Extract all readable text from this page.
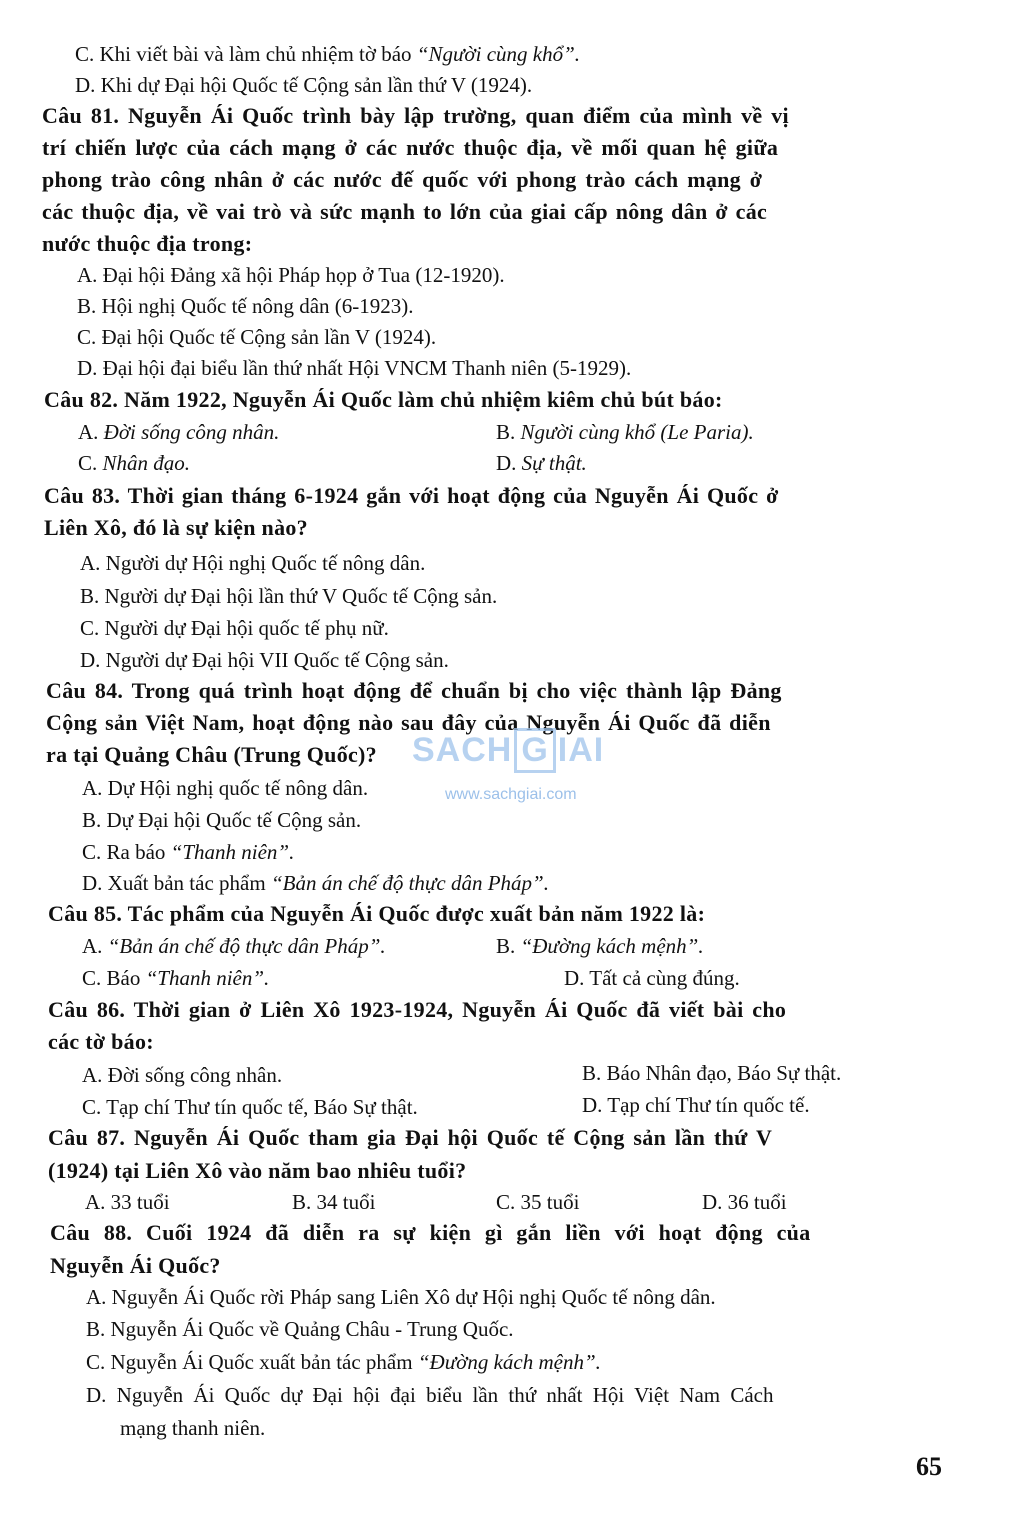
C. Khi viết bài và làm chủ nhiệm tờ báo “Người cùng khổ”.

D. Khi dự Đại hội Quốc tế Cộng sản lần thứ V (1924).

Câu 81. Nguyễn Ái Quốc trình bày lập trường, quan điểm của mình về vị

trí chiến lược của cách mạng ở các nước thuộc địa, về mối quan hệ giữa

phong trào công nhân ở các nước đế quốc với phong trào cách mạng ở

các thuộc địa, về vai trò và sức mạnh to lớn của giai cấp nông dân ở các

nước thuộc địa trong:

A. Đại hội Đảng xã hội Pháp họp ở Tua (12-1920).

B. Hội nghị Quốc tế nông dân (6-1923).

C. Đại hội Quốc tế Cộng sản lần V (1924).

D. Đại hội đại biểu lần thứ nhất Hội VNCM Thanh niên (5-1929).

Câu 82. Năm 1922, Nguyễn Ái Quốc làm chủ nhiệm kiêm chủ bút báo:

A. Đời sống công nhân.	B. Người cùng khổ (Le Paria).

C. Nhân đạo.	D. Sự thật.

Câu 83. Thời gian tháng 6-1924 gắn với hoạt động của Nguyễn Ái Quốc ở

Liên Xô, đó là sự kiện nào?

A. Người dự Hội nghị Quốc tế nông dân.

B. Người dự Đại hội lần thứ V Quốc tế Cộng sản.

C. Người dự Đại hội quốc tế phụ nữ.

D. Người dự Đại hội VII Quốc tế Cộng sản.

Câu 84. Trong quá trình hoạt động để chuẩn bị cho việc thành lập Đảng

Cộng sản Việt Nam, hoạt động nào sau đây của Nguyễn Ái Quốc đã diễn

ra tại Quảng Châu (Trung Quốc)?

A. Dự Hội nghị quốc tế nông dân.

B. Dự Đại hội Quốc tế Cộng sản.

C. Ra báo “Thanh niên”.

D. Xuất bản tác phẩm “Bản án chế độ thực dân Pháp”.

Câu 85. Tác phẩm của Nguyễn Ái Quốc được xuất bản năm 1922 là:

A. “Bản án chế độ thực dân Pháp”.	B. “Đường kách mệnh”.

C. Báo “Thanh niên”.	D. Tất cả cùng đúng.

Câu 86. Thời gian ở Liên Xô 1923-1924, Nguyễn Ái Quốc đã viết bài cho

các tờ báo:

A. Đời sống công nhân.	B. Báo Nhân đạo, Báo Sự thật.

C. Tạp chí Thư tín quốc tế, Báo Sự thật.	D. Tạp chí Thư tín quốc tế.

Câu 87. Nguyễn Ái Quốc tham gia Đại hội Quốc tế Cộng sản lần thứ V

(1924) tại Liên Xô vào năm bao nhiêu tuổi?

A. 33 tuổi	B. 34 tuổi	C. 35 tuổi	D. 36 tuổi

Câu 88. Cuối 1924 đã diễn ra sự kiện gì gắn liền với hoạt động của

Nguyễn Ái Quốc?

A. Nguyễn Ái Quốc rời Pháp sang Liên Xô dự Hội nghị Quốc tế nông dân.

B. Nguyễn Ái Quốc về Quảng Châu - Trung Quốc.

C. Nguyễn Ái Quốc xuất bản tác phẩm “Đường kách mệnh”.

D. Nguyễn Ái Quốc dự Đại hội đại biểu lần thứ nhất Hội Việt Nam Cách

mạng thanh niên.

SACH G IAI
www.sachgiai.com
65
